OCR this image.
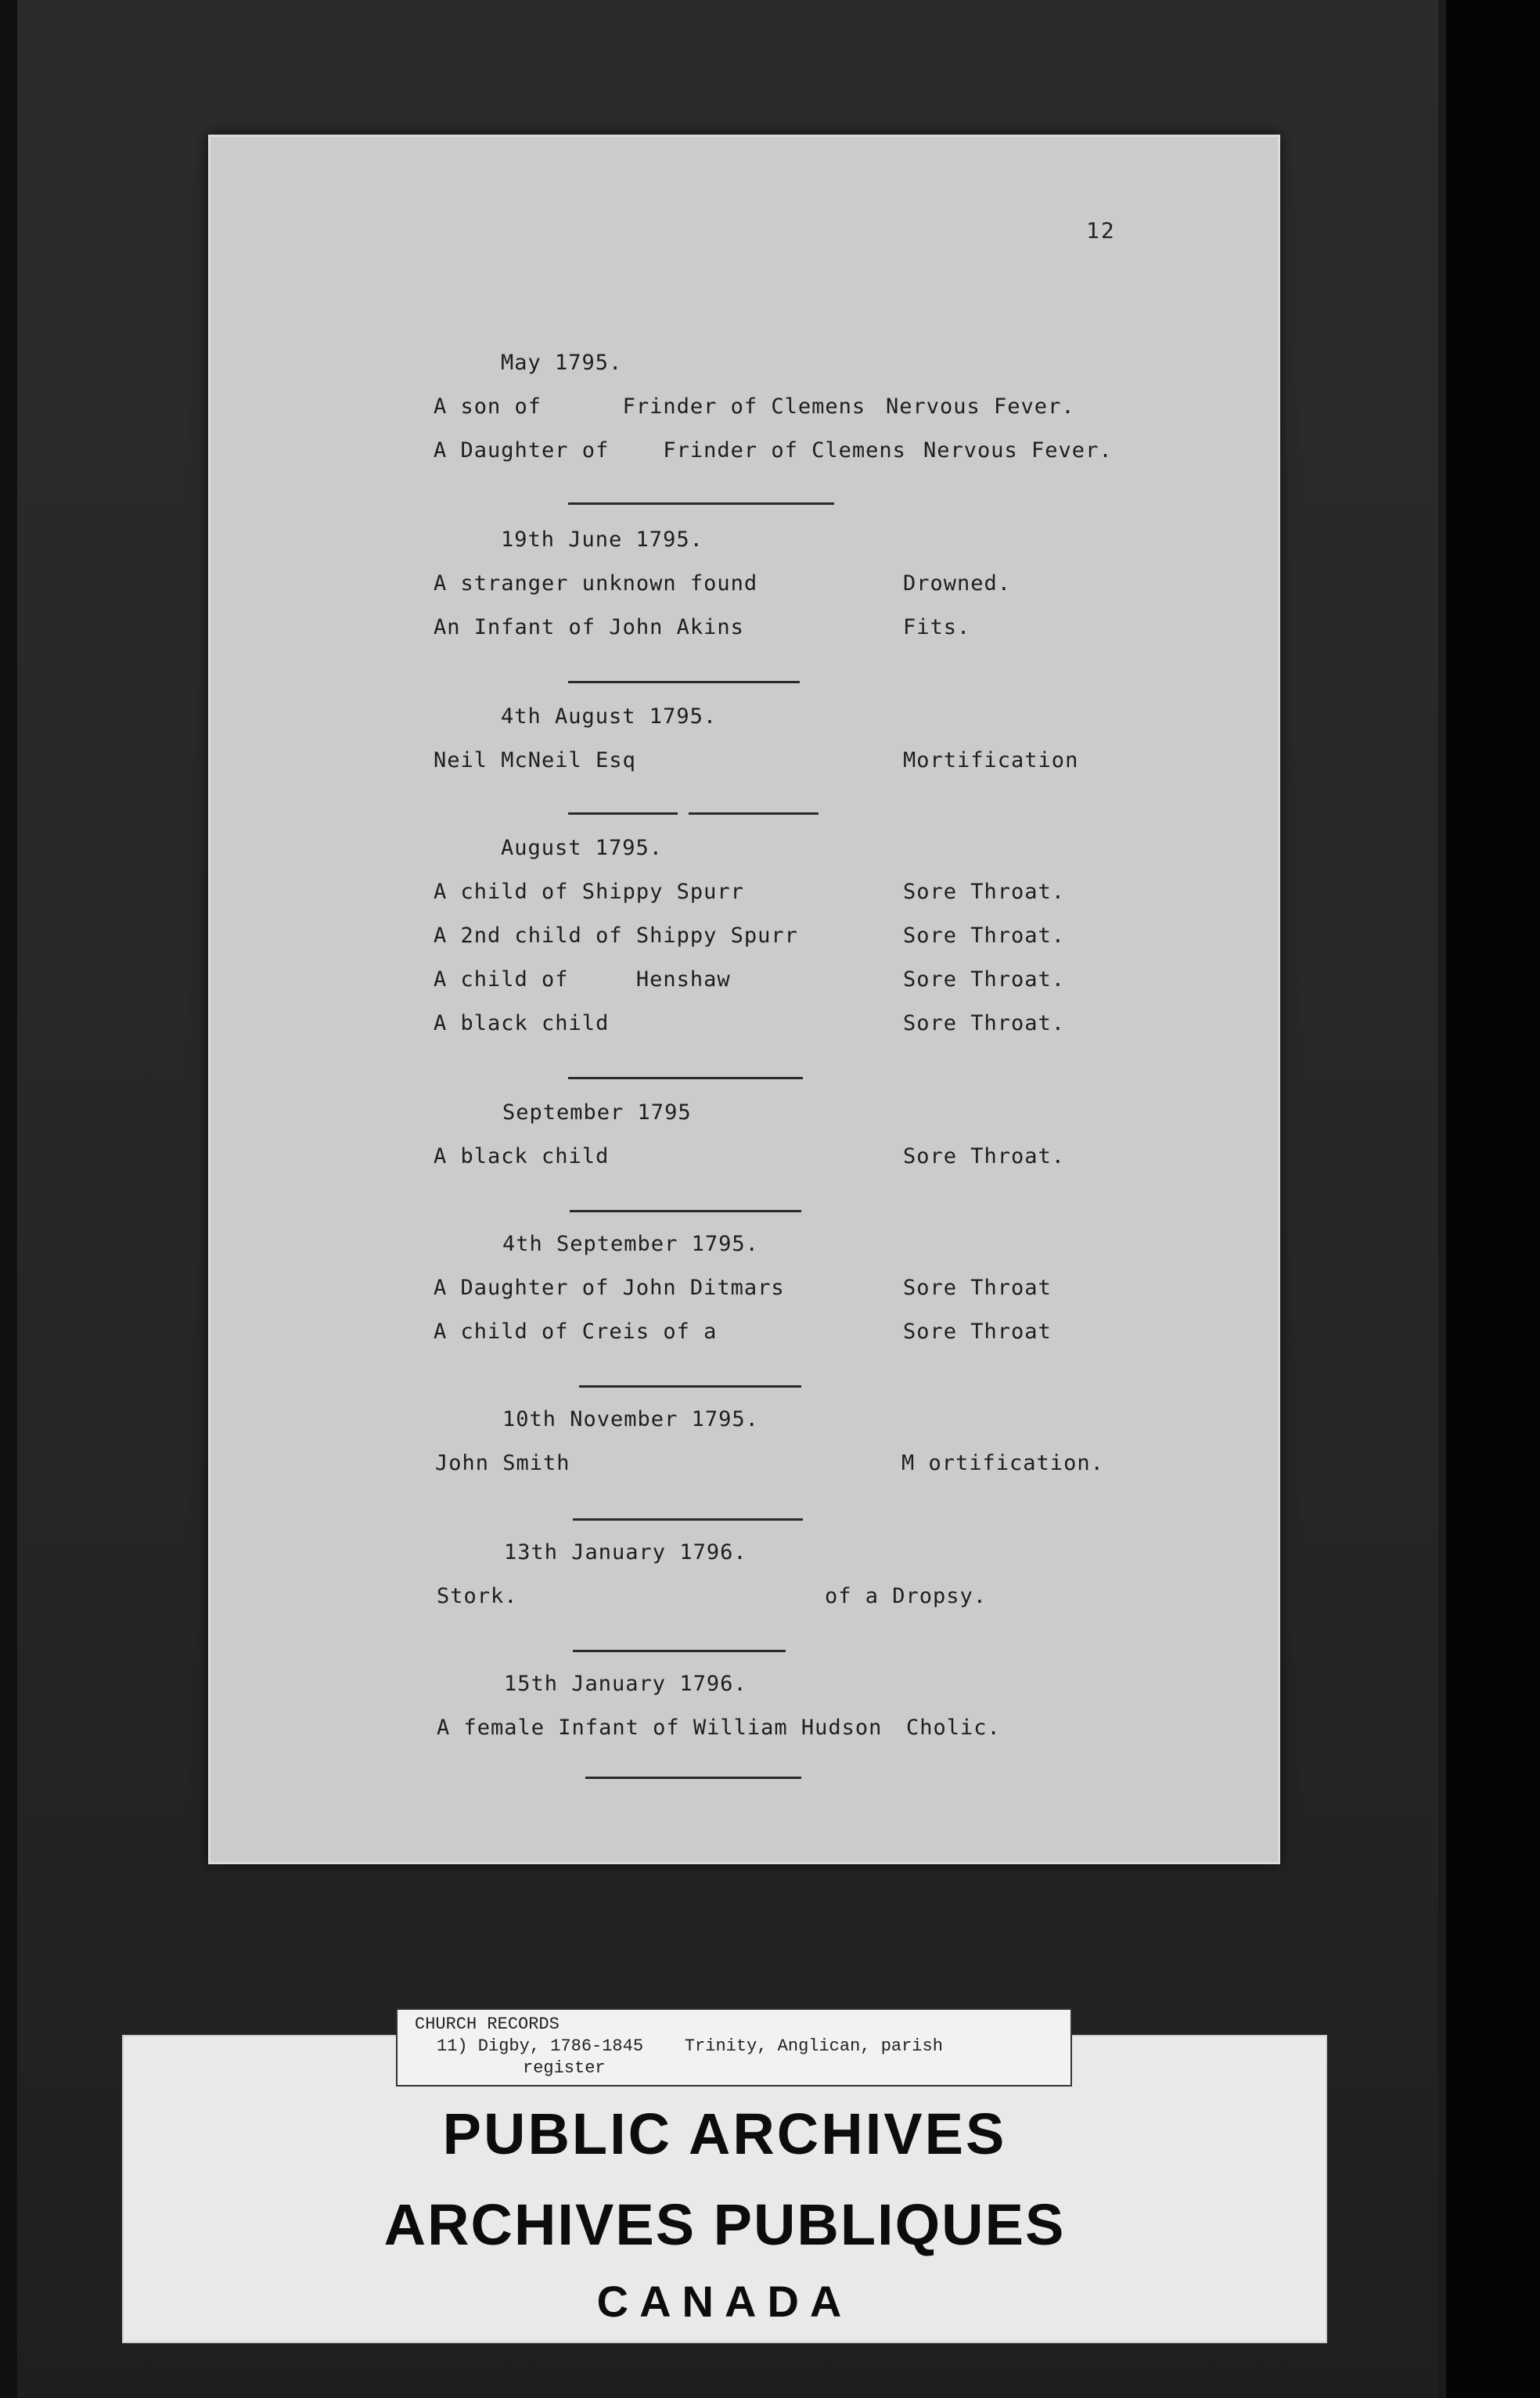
12
May 1795.
A son of      Frinder of Clemens Nervous Fever.
A Daughter of    Frinder of Clemens Nervous Fever.
19th June 1795.
A stranger unknown found	Drowned.
An Infant of John Akins	Fits.
4th August 1795.
Neil McNeil Esq	Mortification
August 1795.
A child of Shippy Spurr	Sore Throat.
A 2nd child of Shippy Spurr	Sore Throat.
A child of     Henshaw	Sore Throat.
A black child	Sore Throat.
September 1795
A black child	Sore Throat.
4th September 1795.
A Daughter of John Ditmars	Sore Throat
A child of Creis of a	Sore Throat
10th November 1795.
John Smith	M ortification.
13th January 1796.
Stork.	of a Dropsy.
15th January 1796.
A female Infant of William Hudson Cholic.
PUBLIC ARCHIVES
ARCHIVES PUBLIQUES
CANADA
CHURCH RECORDS
11) Digby, 1786-1845    Trinity, Anglican, parish
register
